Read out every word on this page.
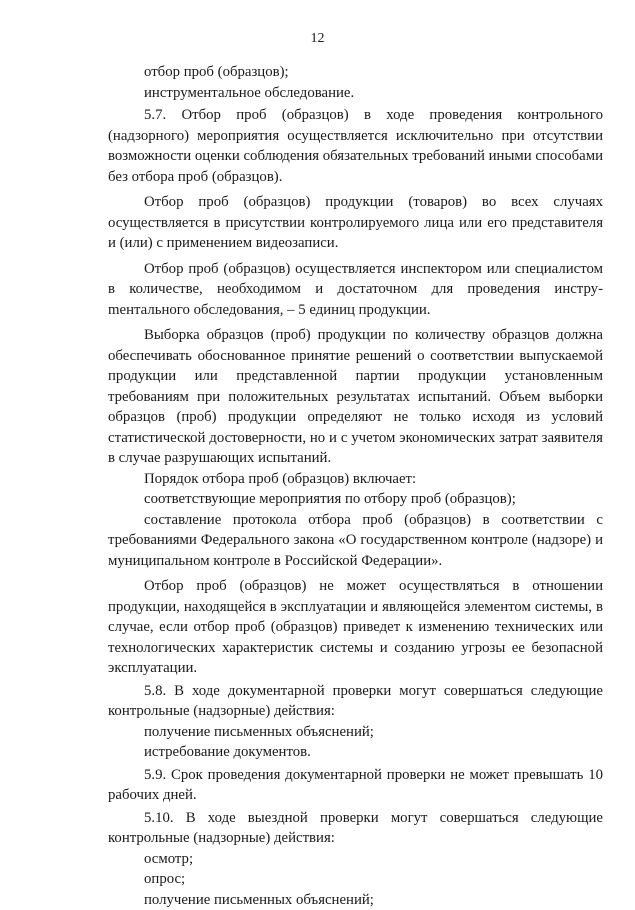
12

отбор проб (образцов);

инструментальное обследование.

5.7. Отбор проб (образцов) в ходе проведения контрольного (надзорного) мероприятия осуществляется исключительно при отсутствии возможности оценки соблюдения обязательных требований иными способами без отбора проб (образцов).

Отбор проб (образцов) продукции (товаров) во всех случаях осуществляется в присутствии контролируемого лица или его представителя и (или) с применением видеозаписи.

Отбор проб (образцов) осуществляется инспектором или специалистом в количестве, необходимом и достаточном для проведения инструmентального обследования, – 5 единиц продукции.

Выборка образцов (проб) продукции по количеству образцов должна обеспечивать обоснованное принятие решений о соответствии выпускаемой продукции или представленной партии продукции установленным требованиям при положительных результатах испытаний. Объем выборки образцов (проб) продукции определяют не только исходя из условий статистической достоверности, но и с учетом экономических затрат заявителя в случае разрушающих испытаний.

Порядок отбора проб (образцов) включает:

соответствующие мероприятия по отбору проб (образцов);

составление протокола отбора проб (образцов) в соответствии с требованиями Федерального закона «О государственном контроле (надзоре) и муниципальном контроле в Российской Федерации».

Отбор проб (образцов) не может осуществляться в отношении продукции, находящейся в эксплуатации и являющейся элементом системы, в случае, если отбор проб (образцов) приведет к изменению технических или технологических характеристик системы и созданию угрозы ее безопасной эксплуатации.

5.8. В ходе документарной проверки могут совершаться следующие контрольные (надзорные) действия:

получение письменных объяснений;

истребование документов.

5.9. Срок проведения документарной проверки не может превышать 10 рабочих дней.

5.10. В ходе выездной проверки могут совершаться следующие контрольные (надзорные) действия:

осмотр;

опрос;

получение письменных объяснений;
